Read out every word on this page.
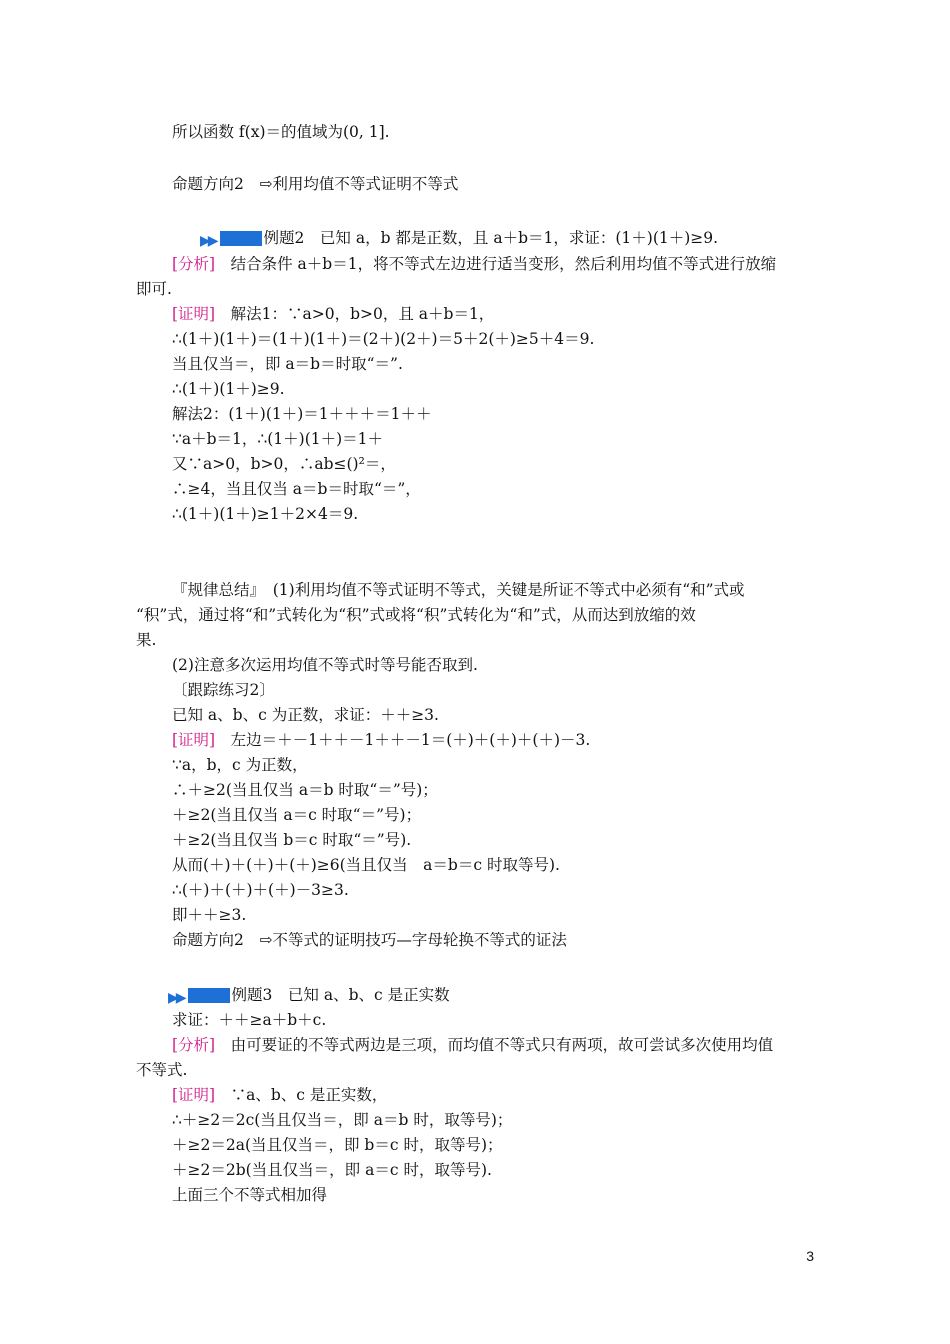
所以函数 f(x)＝的值域为(0, 1].
命题方向2　⇨利用均值不等式证明不等式
▶▶	例题2　已知 a，b 都是正数，且 a＋b＝1，求证：(1＋)(1＋)≥9.
[分析]　 结合条件 a＋b＝1，将不等式左边进行适当变形，然后利用均值不等式进行放缩
即可.
[证明]　 解法1：∵a>0，b>0，且 a＋b＝1，
∴(1＋)(1＋)＝(1＋)(1＋)＝(2＋)(2＋)＝5＋2(＋)≥5＋4＝9.
当且仅当＝，即 a＝b＝时取“＝”.
∴(1＋)(1＋)≥9.
解法2：(1＋)(1＋)＝1＋＋＋＝1＋＋
∵a＋b＝1，∴(1＋)(1＋)＝1＋
又∵a>0，b>0，∴ab≤()²＝，
∴≥4，当且仅当 a＝b＝时取“＝”，
∴(1＋)(1＋)≥1＋2×4＝9.
『规律总结』　(1)利用均值不等式证明不等式，关键是所证不等式中必须有“和”式或
“积”式，通过将“和”式转化为“积”式或将“积”式转化为“和”式，从而达到放缩的效
果.
(2)注意多次运用均值不等式时等号能否取到.
〔跟踪练习2〕
已知 a、b、c 为正数，求证：＋＋≥3.
[证明]　 左边＝＋－1＋＋－1＋＋－1＝(＋)＋(＋)＋(＋)－3.
∵a，b，c 为正数，
∴＋≥2(当且仅当 a＝b 时取“＝”号)；
＋≥2(当且仅当 a＝c 时取“＝”号)；
＋≥2(当且仅当 b＝c 时取“＝”号).
从而(＋)＋(＋)＋(＋)≥6(当且仅当　a＝b＝c 时取等号).
∴(＋)＋(＋)＋(＋)－3≥3.
即＋＋≥3.
命题方向2　⇨不等式的证明技巧—字母轮换不等式的证法
▶▶	例题3　已知 a、b、c 是正实数
求证：＋＋≥a＋b＋c.
[分析]　 由可要证的不等式两边是三项，而均值不等式只有两项，故可尝试多次使用均值
不等式.
[证明]　 ∵a、b、c 是正实数，
∴＋≥2＝2c(当且仅当＝，即 a＝b 时，取等号)；
＋≥2＝2a(当且仅当＝，即 b＝c 时，取等号)；
＋≥2＝2b(当且仅当＝，即 a＝c 时，取等号).
上面三个不等式相加得
3
